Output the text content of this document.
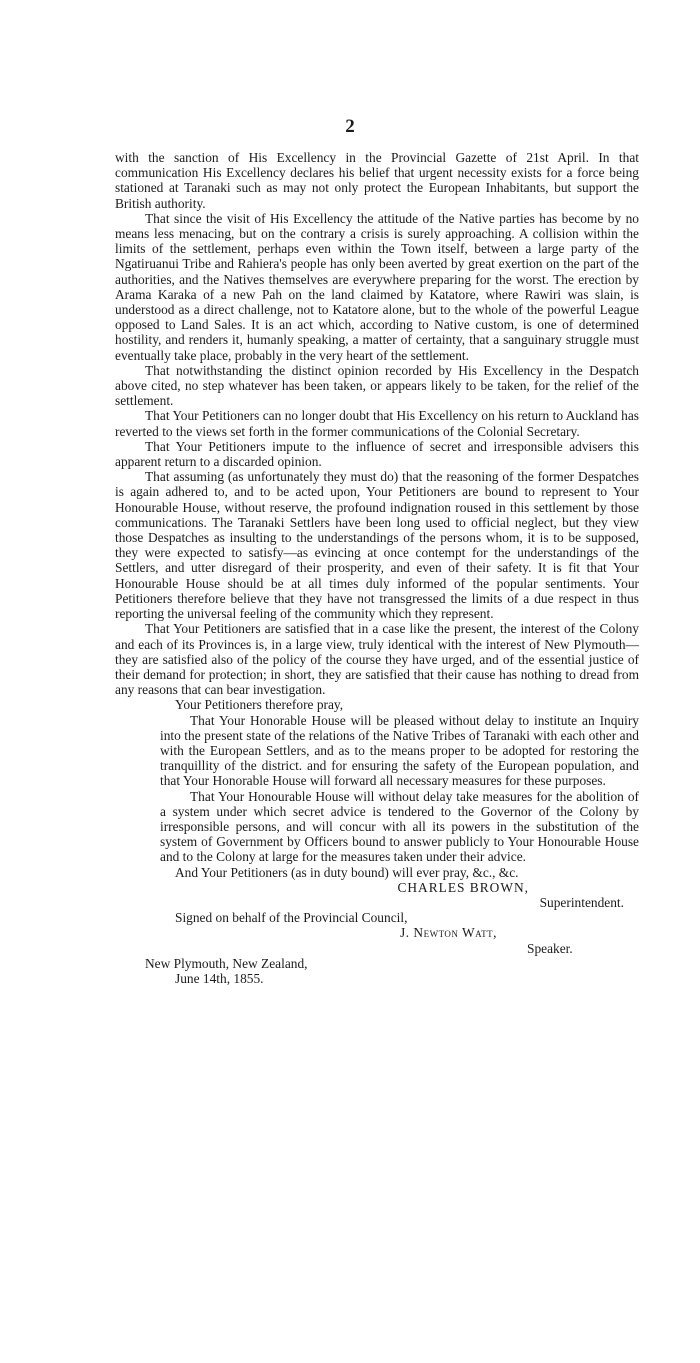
2

with the sanction of His Excellency in the Provincial Gazette of 21st April. In that communication His Excellency declares his belief that urgent necessity exists for a force being stationed at Taranaki such as may not only protect the European Inhabitants, but support the British authority.

That since the visit of His Excellency the attitude of the Native parties has become by no means less menacing, but on the contrary a crisis is surely approaching. A collision within the limits of the settlement, perhaps even within the Town itself, between a large party of the Ngatiruanui Tribe and Rahiera's people has only been averted by great exertion on the part of the authorities, and the Natives themselves are everywhere preparing for the worst. The erection by Arama Karaka of a new Pah on the land claimed by Katatore, where Rawiri was slain, is understood as a direct challenge, not to Katatore alone, but to the whole of the powerful League opposed to Land Sales. It is an act which, according to Native custom, is one of determined hostility, and renders it, humanly speaking, a matter of certainty, that a sanguinary struggle must eventually take place, probably in the very heart of the settlement.

That notwithstanding the distinct opinion recorded by His Excellency in the Despatch above cited, no step whatever has been taken, or appears likely to be taken, for the relief of the settlement.

That Your Petitioners can no longer doubt that His Excellency on his return to Auckland has reverted to the views set forth in the former communications of the Colonial Secretary.

That Your Petitioners impute to the influence of secret and irresponsible advisers this apparent return to a discarded opinion.

That assuming (as unfortunately they must do) that the reasoning of the former Despatches is again adhered to, and to be acted upon, Your Petitioners are bound to represent to Your Honourable House, without reserve, the profound indignation roused in this settlement by those communications. The Taranaki Settlers have been long used to official neglect, but they view those Despatches as insulting to the understandings of the persons whom, it is to be supposed, they were expected to satisfy—as evincing at once contempt for the understandings of the Settlers, and utter disregard of their prosperity, and even of their safety. It is fit that Your Honourable House should be at all times duly informed of the popular sentiments. Your Petitioners therefore believe that they have not transgressed the limits of a due respect in thus reporting the universal feeling of the community which they represent.

That Your Petitioners are satisfied that in a case like the present, the interest of the Colony and each of its Provinces is, in a large view, truly identical with the interest of New Plymouth—they are satisfied also of the policy of the course they have urged, and of the essential justice of their demand for protection; in short, they are satisfied that their cause has nothing to dread from any reasons that can bear investigation.

Your Petitioners therefore pray,

That Your Honorable House will be pleased without delay to institute an Inquiry into the present state of the relations of the Native Tribes of Taranaki with each other and with the European Settlers, and as to the means proper to be adopted for restoring the tranquillity of the district. and for ensuring the safety of the European population, and that Your Honorable House will forward all necessary measures for these purposes.

That Your Honourable House will without delay take measures for the abolition of a system under which secret advice is tendered to the Governor of the Colony by irresponsible persons, and will concur with all its powers in the substitution of the system of Government by Officers bound to answer publicly to Your Honourable House and to the Colony at large for the measures taken under their advice.

And Your Petitioners (as in duty bound) will ever pray, &c., &c.

CHARLES BROWN,

Superintendent.

Signed on behalf of the Provincial Council,

J. Newton Watt,

Speaker.

New Plymouth, New Zealand,

June 14th, 1855.
